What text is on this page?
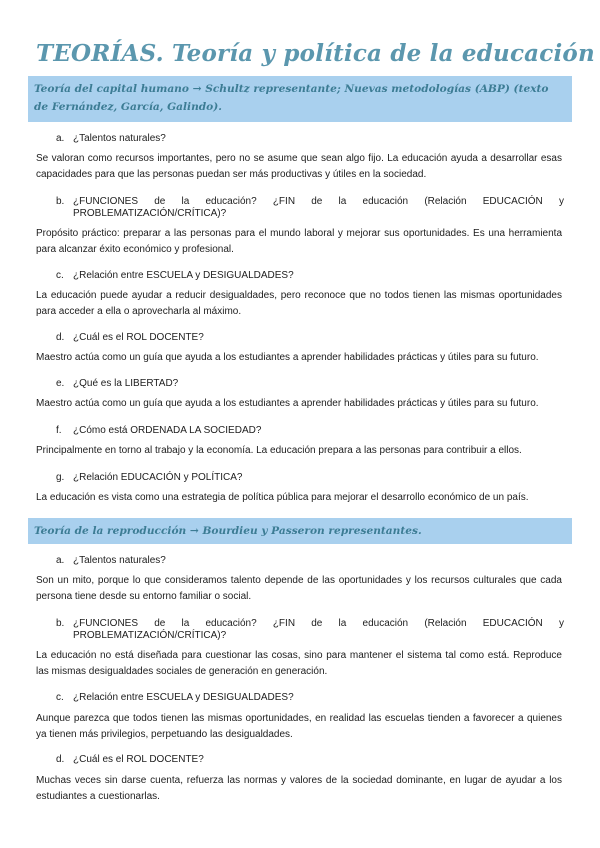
TEORÍAS. Teoría y política de la educación
Teoría del capital humano → Schultz representante; Nuevas metodologías (ABP) (texto de Fernández, García, Galindo).
a. ¿Talentos naturales?
Se valoran como recursos importantes, pero no se asume que sean algo fijo. La educación ayuda a desarrollar esas capacidades para que las personas puedan ser más productivas y útiles en la sociedad.
b. ¿FUNCIONES de la educación? ¿FIN de la educación (Relación EDUCACIÓN y
PROBLEMATIZACIÓN/CRÍTICA)?
Propósito práctico: preparar a las personas para el mundo laboral y mejorar sus oportunidades. Es una herramienta para alcanzar éxito económico y profesional.
c. ¿Relación entre ESCUELA y DESIGUALDADES?
La educación puede ayudar a reducir desigualdades, pero reconoce que no todos tienen las mismas oportunidades para acceder a ella o aprovecharla al máximo.
d. ¿Cuál es el ROL DOCENTE?
Maestro actúa como un guía que ayuda a los estudiantes a aprender habilidades prácticas y útiles para su futuro.
e. ¿Qué es la LIBERTAD?
Maestro actúa como un guía que ayuda a los estudiantes a aprender habilidades prácticas y útiles para su futuro.
f. ¿Cómo está ORDENADA LA SOCIEDAD?
Principalmente en torno al trabajo y la economía. La educación prepara a las personas para contribuir a ellos.
g. ¿Relación EDUCACIÓN y POLÍTICA?
La educación es vista como una estrategia de política pública para mejorar el desarrollo económico de un país.
Teoría de la reproducción → Bourdieu y Passeron representantes.
a. ¿Talentos naturales?
Son un mito, porque lo que consideramos talento depende de las oportunidades y los recursos culturales que cada persona tiene desde su entorno familiar o social.
b. ¿FUNCIONES de la educación? ¿FIN de la educación (Relación EDUCACIÓN y
PROBLEMATIZACIÓN/CRÍTICA)?
La educación no está diseñada para cuestionar las cosas, sino para mantener el sistema tal como está. Reproduce las mismas desigualdades sociales de generación en generación.
c. ¿Relación entre ESCUELA y DESIGUALDADES?
Aunque parezca que todos tienen las mismas oportunidades, en realidad las escuelas tienden a favorecer a quienes ya tienen más privilegios, perpetuando las desigualdades.
d. ¿Cuál es el ROL DOCENTE?
Muchas veces sin darse cuenta, refuerza las normas y valores de la sociedad dominante, en lugar de ayudar a los estudiantes a cuestionarlas.
